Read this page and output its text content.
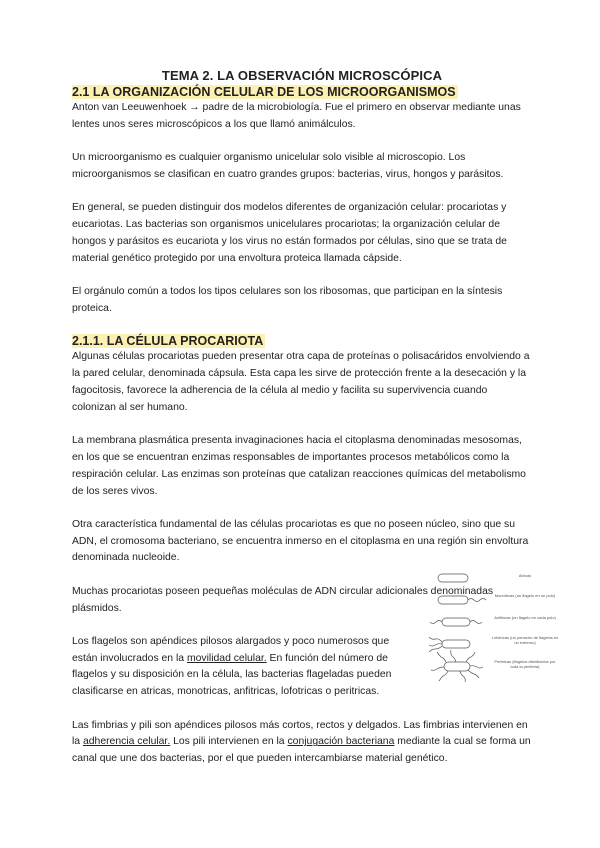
TEMA 2. LA OBSERVACIÓN MICROSCÓPICA
2.1 LA ORGANIZACIÓN CELULAR DE LOS MICROORGANISMOS

Anton van Leeuwenhoek → padre de la microbiología. Fue el primero en observar mediante unas lentes unos seres microscópicos a los que llamó animálculos.

Un microorganismo es cualquier organismo unicelular solo visible al microscopio. Los microorganismos se clasifican en cuatro grandes grupos: bacterias, virus, hongos y parásitos.

En general, se pueden distinguir dos modelos diferentes de organización celular: procariotas y eucariotas. Las bacterias son organismos unicelulares procariotas; la organización celular de hongos y parásitos es eucariota y los virus no están formados por células, sino que se trata de material genético protegido por una envoltura proteica llamada cápside.

El orgánulo común a todos los tipos celulares son los ribosomas, que participan en la síntesis proteica.

2.1.1. LA CÉLULA PROCARIOTA

Algunas células procariotas pueden presentar otra capa de proteínas o polisacáridos envolviendo a la pared celular, denominada cápsula. Esta capa les sirve de protección frente a la desecación y la fagocitosis, favorece la adherencia de la célula al medio y facilita su supervivencia cuando colonizan al ser humano.

La membrana plasmática presenta invaginaciones hacia el citoplasma denominadas mesosomas, en los que se encuentran enzimas responsables de importantes procesos metabólicos como la respiración celular. Las enzimas son proteínas que catalizan reacciones químicas del metabolismo de los seres vivos.

Otra característica fundamental de las células procariotas es que no poseen núcleo, sino que su ADN, el cromosoma bacteriano, se encuentra inmerso en el citoplasma en una región sin envoltura denominada nucleoide.

Muchas procariotas poseen pequeñas moléculas de ADN circular adicionales denominadas plásmidos.

Los flagelos son apéndices pilosos alargados y poco numerosos que están involucrados en la movilidad celular. En función del número de flagelos y su disposición en la célula, las bacterias flageladas pueden clasificarse en atricas, monotricas, anfitricas, lofotricas o peritricas.

Las fimbrias y pili son apéndices pilosos más cortos, rectos y delgados. Las fimbrias intervienen en la adherencia celular. Los pili intervienen en la conjugación bacteriana mediante la cual se forma un canal que une dos bacterias, por el que pueden intercambiarse material genético.

Atricas
Monotricas (un flagelo en un polo)
Anfitricas (un flagelo en cada polo)
Lofotricas (un penacho de flagelos en un extremo)
Peritricas (flagelos distribuidos por toda la periferia)
